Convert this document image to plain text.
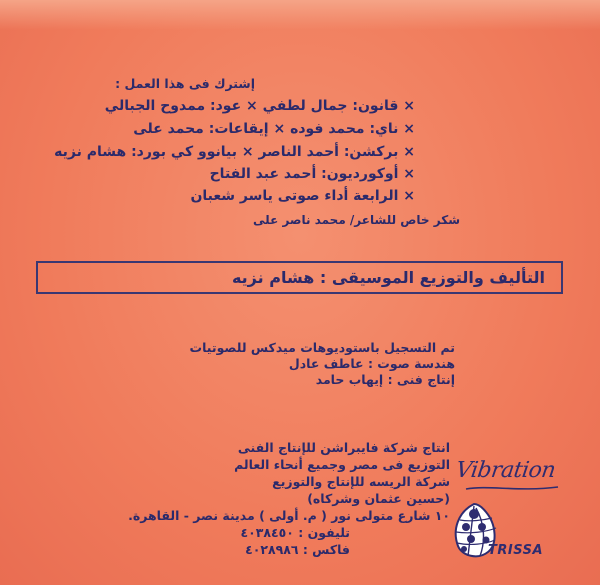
إشترك فى هذا العمل :
× قانون: جمال لطفي × عود: ممدوح الجبالي
× ناي: محمد فوده × إيقاعات: محمد على
× بركشن: أحمد الناصر × بيانوو كي بورد: هشام نزيه
× أوكورديون: أحمد عبد الفتاح
× الرابعة أداء صوتى ياسر شعبان
شكر خاص للشاعر/ محمد ناصر على
التأليف والتوزيع الموسيقى : هشام نزيه
تم التسجيل باستوديوهات ميدكس للصوتيات
هندسة صوت : عاطف عادل
إنتاج فنى : إيهاب حامد
انتاج شركة فايبراشن للإنتاج الفنى
التوزيع فى مصر وجميع أنحاء العالم
شركة الريسه للإنتاج والتوزيع
(حسين عثمان وشركاه)
١٠ شارع متولى نور ( م. أولى ) مدينة نصر - القاهرة.
تليفون : ٤٠٣٨٤٥٠
فاكس : ٤٠٢٨٩٨٦
Vibration
TRISSA
